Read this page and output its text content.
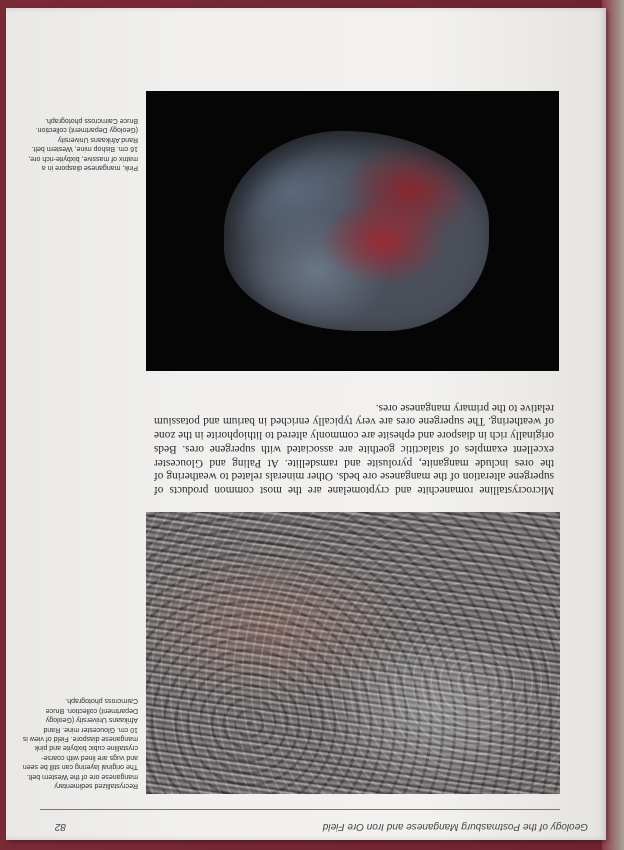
Geology of the Postmasburg Manganese and Iron Ore Field
82
Recrystallized sedimentary manganese ore of the Western belt. The original layering can still be seen and vugs are lined with coarse-crystalline cubic bixbyite and pink manganese diaspore. Field of view is 10 cm. Gloucester mine. Rand Afrikaans University (Geology Department) collection. Bruce Cairncross photograph.

Microcrystalline romanechite and cryptomelane are the most common products of supergene alteration of the manganese ore beds. Other minerals related to weathering of the ores include manganite, pyrolusite and ramsdellite. At Paling and Gloucester excellent examples of stalactitic goethite are associated with supergene ores. Beds originally rich in diaspore and ephesite are commonly altered to lithiophorite in the zone of weathering. The supergene ores are very typically enriched in barium and potassium relative to the primary manganese ores.

Pink, manganese diaspore in a matrix of massive, bixbyite-rich ore, 16 cm. Bishop mine, Western belt. Rand Afrikaans University (Geology Department) collection. Bruce Cairncross photograph.
